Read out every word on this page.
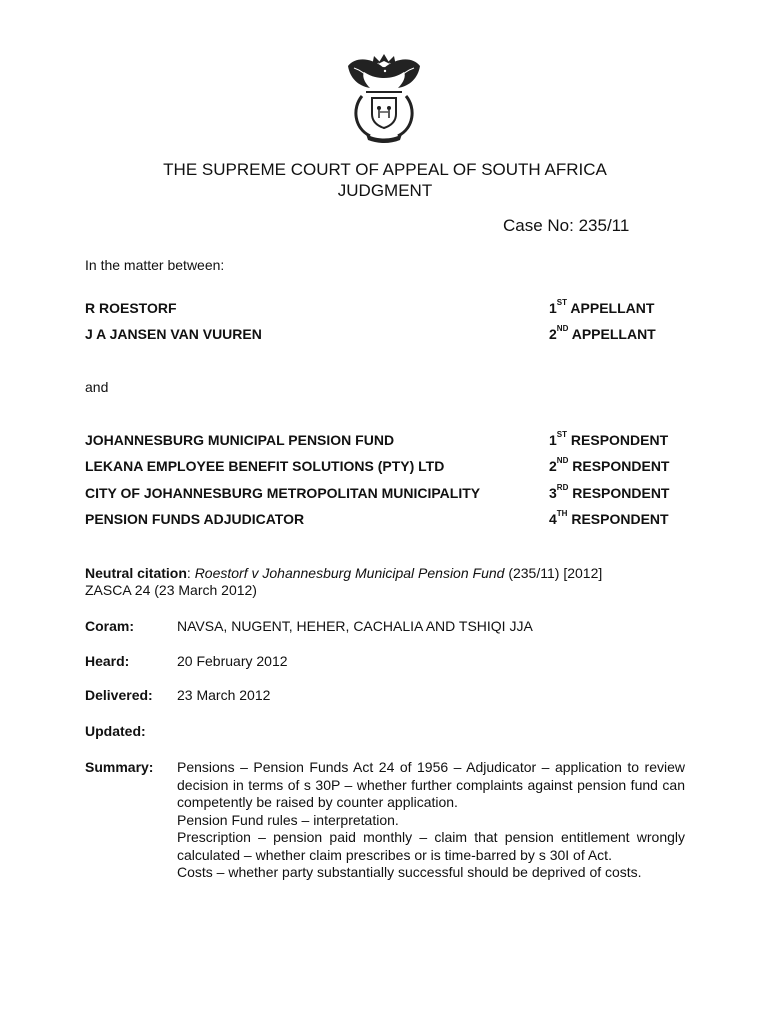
THE SUPREME COURT OF APPEAL OF SOUTH AFRICA
JUDGMENT
Case No: 235/11
In the matter between:
R ROESTORF	1ST APPELLANT
J A JANSEN VAN VUUREN	2ND APPELLANT
and
JOHANNESBURG MUNICIPAL PENSION FUND	1ST RESPONDENT
LEKANA EMPLOYEE BENEFIT SOLUTIONS (PTY) LTD	2ND RESPONDENT
CITY OF JOHANNESBURG METROPOLITAN MUNICIPALITY	3RD RESPONDENT
PENSION FUNDS ADJUDICATOR	4TH RESPONDENT
Neutral citation: Roestorf v Johannesburg Municipal Pension Fund (235/11) [2012]
ZASCA 24 (23 March 2012)
Coram:	NAVSA, NUGENT, HEHER, CACHALIA AND TSHIQI JJA
Heard:	20 February 2012
Delivered: 23 March 2012
Updated:
Summary: Pensions – Pension Funds Act 24 of 1956 – Adjudicator – application to review decision in terms of s 30P – whether further complaints against pension fund can competently be raised by counter application.

Pension Fund rules – interpretation.

Prescription – pension paid monthly – claim that pension entitlement wrongly calculated – whether claim prescribes or is time-barred by s 30I of Act.

Costs – whether party substantially successful should be deprived of costs.
